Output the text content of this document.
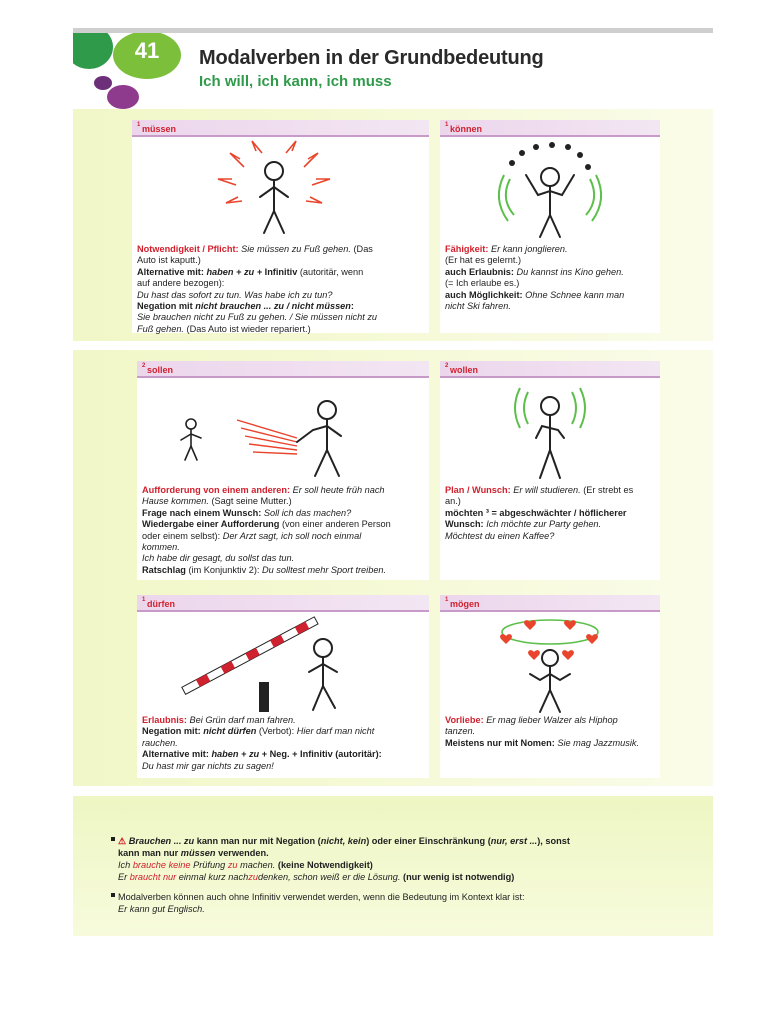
41	Modalverben in der Grundbedeutung
Ich will, ich kann, ich muss
müssen
$^1$
Notwendigkeit / Pflicht: Sie müssen zu Fuß gehen. (Das
Auto ist kaputt.)
Alternative mit: haben + zu + Infinitiv (autoritär, wenn
auf andere bezogen):
Du hast das sofort zu tun. Was habe ich zu tun?
Negation mit nicht brauchen ... zu / nicht müssen:
Sie brauchen nicht zu Fuß zu gehen. / Sie müssen nicht zu
Fuß gehen. (Das Auto ist wieder repariert.)
können
$^1$
Fähigkeit: Er kann jonglieren.
(Er hat es gelernt.)
auch Erlaubnis: Du kannst ins Kino gehen.
(= Ich erlaube es.)
auch Möglichkeit: Ohne Schnee kann man
nicht Ski fahren.
sollen
$^2$
Aufforderung von einem anderen: Er soll heute früh nach
Hause kommen. (Sagt seine Mutter.)
Frage nach einem Wunsch: Soll ich das machen?
Wiedergabe einer Aufforderung (von einer anderen Person
oder einem selbst): Der Arzt sagt, ich soll noch einmal
kommen.
Ich habe dir gesagt, du sollst das tun.
Ratschlag (im Konjunktiv 2): Du solltest mehr Sport treiben.
wollen
$^2$
Plan / Wunsch: Er will studieren. (Er strebt es
an.)
möchten ³ = abgeschwächter / höflicherer
Wunsch: Ich möchte zur Party gehen.
Möchtest du einen Kaffee?
dürfen
$^1$
Erlaubnis: Bei Grün darf man fahren.
Negation mit: nicht dürfen (Verbot): Hier darf man nicht
rauchen.
Alternative mit: haben + zu + Neg. + Infinitiv (autoritär):
Du hast mir gar nichts zu sagen!
mögen
$^1$
Vorliebe: Er mag lieber Walzer als Hiphop
tanzen.
Meistens nur mit Nomen: Sie mag Jazzmusik.
⚠ Brauchen ... zu kann man nur mit Negation (nicht, kein) oder einer Einschränkung (nur, erst ...), sonst
kann man nur müssen verwenden.
Ich brauche keine Prüfung zu machen. (keine Notwendigkeit)
Er braucht nur einmal kurz nachzudenken, schon weiß er die Lösung. (nur wenig ist notwendig)
Modalverben können auch ohne Infinitiv verwendet werden, wenn die Bedeutung im Kontext klar ist:
Er kann gut Englisch.
